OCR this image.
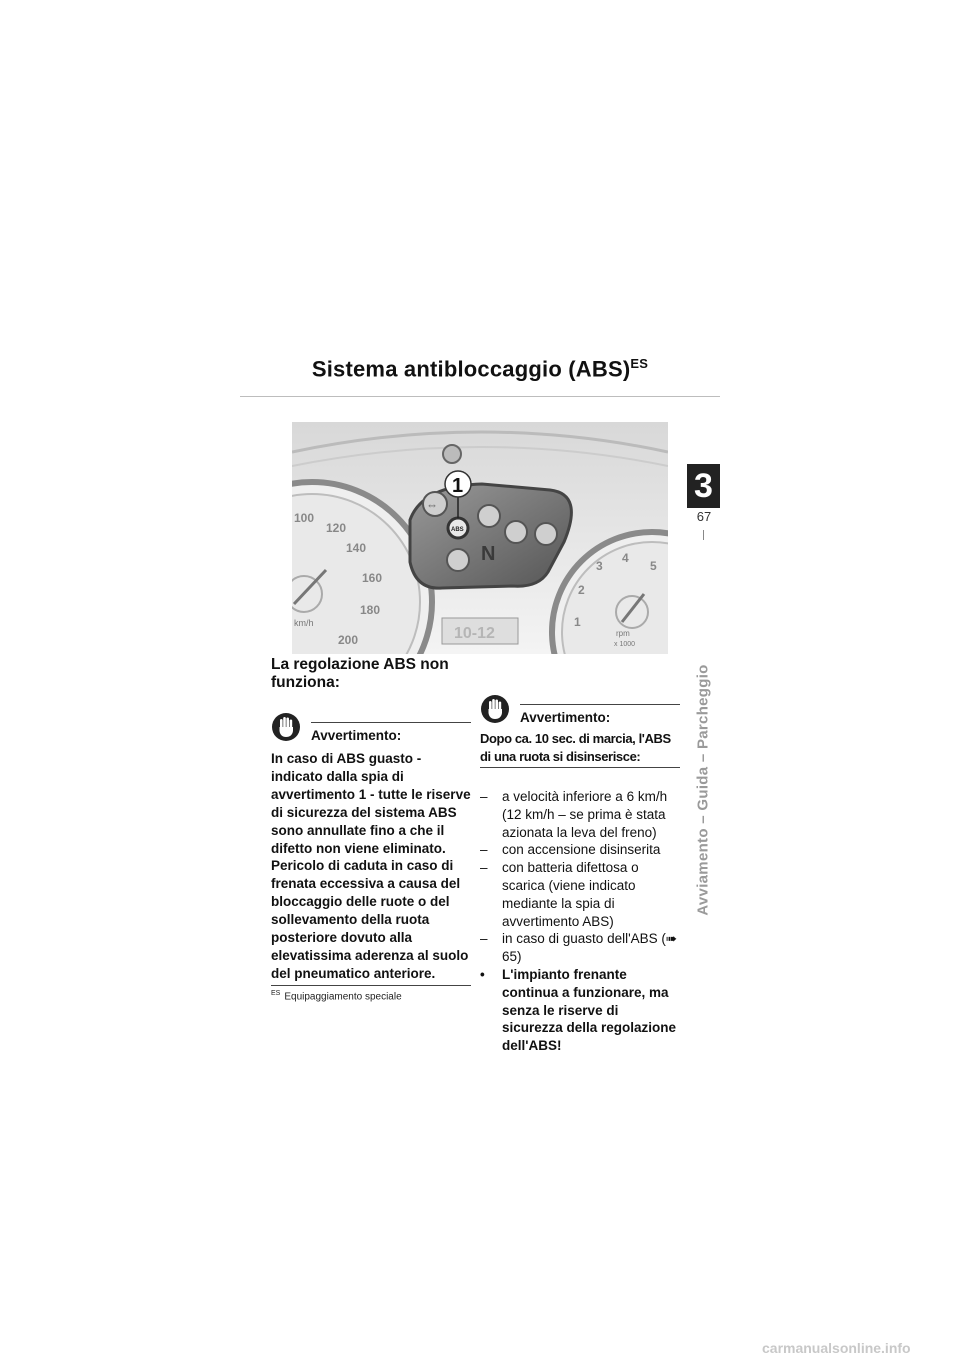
Sistema antibloccaggio (ABS)$^{ES}$
100
120
140
160
180
200
km/h
⇔
N
ABS
1
1
2
3
4
5
rpm
x 1000
10-12
3
67
Avviamento – Guida – Parcheggio

La regolazione ABS non funziona:

Avvertimento:

In caso di ABS guasto - indicato dalla spia di avvertimento 1 - tutte le riserve di sicurezza del sistema ABS sono annullate fino a che il difetto non viene eliminato. Pericolo di caduta in caso di frenata eccessiva a causa del bloccaggio delle ruote o del sollevamento della ruota posteriore dovuto alla elevatissima aderenza al suolo del pneumatico anteriore.

Avvertimento:

Dopo ca. 10 sec. di marcia, l'ABS di una ruota si disinserisce:

– a velocità inferiore a 6 km/h (12 km/h – se prima è stata azionata la leva del freno)
– con accensione disinserita
– con batteria difettosa o scarica (viene indicato mediante la spia di avvertimento ABS)
– in caso di guasto dell'ABS (➠ 65)
• L'impianto frenante continua a funzionare, ma senza le riserve di sicurezza della regolazione dell'ABS!
$^{ES}$ Equipaggiamento speciale
carmanualsonline.info
